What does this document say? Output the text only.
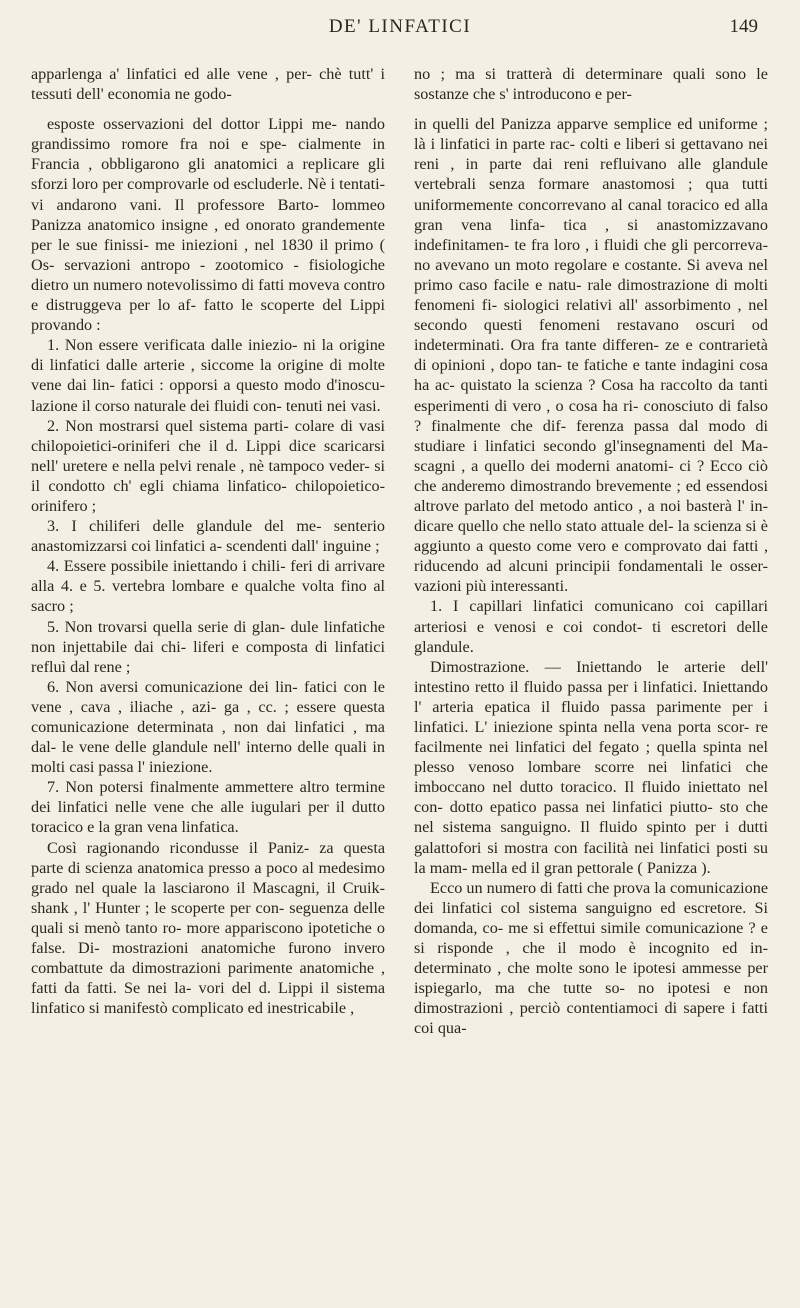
DE' LINFATICI	149

apparlenga a' linfatici ed alle vene , per- chè tutt' i tessuti dell' economia ne godo-

esposte osservazioni del dottor Lippi me- nando grandissimo romore fra noi e spe- cialmente in Francia , obbligarono gli anatomici a replicare gli sforzi loro per comprovarle od escluderle. Nè i tentati- vi andarono vani. Il professore Barto- lommeo Panizza anatomico insigne , ed onorato grandemente per le sue finissi- me iniezioni , nel 1830 il primo ( Os- servazioni antropo - zootomico - fisiologiche dietro un numero notevolissimo di fatti moveva contro e distruggeva per lo af- fatto le scoperte del Lippi provando :

1. Non essere verificata dalle iniezio- ni la origine di linfatici dalle arterie , siccome la origine di molte vene dai lin- fatici : opporsi a questo modo d'inoscu- lazione il corso naturale dei fluidi con- tenuti nei vasi.

2. Non mostrarsi quel sistema parti- colare di vasi chilopoietici-oriniferi che il d. Lippi dice scaricarsi nell' uretere e nella pelvi renale , nè tampoco veder- si il condotto ch' egli chiama linfatico- chilopoietico-orinifero ;

3. I chiliferi delle glandule del me- senterio anastomizzarsi coi linfatici a- scendenti dall' inguine ;

4. Essere possibile iniettando i chili- feri di arrivare alla 4. e 5. vertebra lombare e qualche volta fino al sacro ;

5. Non trovarsi quella serie di glan- dule linfatiche non injettabile dai chi- liferi e composta di linfatici refluì dal rene ;

6. Non aversi comunicazione dei lin- fatici con le vene , cava , iliache , azi- ga , cc. ; essere questa comunicazione determinata , non dai linfatici , ma dal- le vene delle glandule nell' interno delle quali in molti casi passa l' iniezione.

7. Non potersi finalmente ammettere altro termine dei linfatici nelle vene che alle iugulari per il dutto toracico e la gran vena linfatica.

Così ragionando ricondusse il Paniz- za questa parte di scienza anatomica presso a poco al medesimo grado nel quale la lasciarono il Mascagni, il Cruik- shank , l' Hunter ; le scoperte per con- seguenza delle quali si menò tanto ro- more appariscono ipotetiche o false. Di- mostrazioni anatomiche furono invero combattute da dimostrazioni parimente anatomiche , fatti da fatti. Se nei la- vori del d. Lippi il sistema linfatico si manifestò complicato ed inestricabile ,

no ; ma si tratterà di determinare quali sono le sostanze che s' introducono e per-

in quelli del Panizza apparve semplice ed uniforme ; là i linfatici in parte rac- colti e liberi si gettavano nei reni , in parte dai reni refluivano alle glandule vertebrali senza formare anastomosi ; qua tutti uniformemente concorrevano al canal toracico ed alla gran vena linfa- tica , si anastomizzavano indefinitamen- te fra loro , i fluidi che gli percorreva- no avevano un moto regolare e costante. Si aveva nel primo caso facile e natu- rale dimostrazione di molti fenomeni fi- siologici relativi all' assorbimento , nel secondo questi fenomeni restavano oscuri od indeterminati. Ora fra tante differen- ze e contrarietà di opinioni , dopo tan- te fatiche e tante indagini cosa ha ac- quistato la scienza ? Cosa ha raccolto da tanti esperimenti di vero , o cosa ha ri- conosciuto di falso ? finalmente che dif- ferenza passa dal modo di studiare i linfatici secondo gl'insegnamenti del Ma- scagni , a quello dei moderni anatomi- ci ? Ecco ciò che anderemo dimostrando brevemente ; ed essendosi altrove parlato del metodo antico , a noi basterà l' in- dicare quello che nello stato attuale del- la scienza si è aggiunto a questo come vero e comprovato dai fatti , riducendo ad alcuni principii fondamentali le osser- vazioni più interessanti.

1. I capillari linfatici comunicano coi capillari arteriosi e venosi e coi condot- ti escretori delle glandule.

Dimostrazione. — Iniettando le arterie dell' intestino retto il fluido passa per i linfatici. Iniettando l' arteria epatica il fluido passa parimente per i linfatici. L' iniezione spinta nella vena porta scor- re facilmente nei linfatici del fegato ; quella spinta nel plesso venoso lombare scorre nei linfatici che imboccano nel dutto toracico. Il fluido iniettato nel con- dotto epatico passa nei linfatici piutto- sto che nel sistema sanguigno. Il fluido spinto per i dutti galattofori si mostra con facilità nei linfatici posti su la mam- mella ed il gran pettorale ( Panizza ).

Ecco un numero di fatti che prova la comunicazione dei linfatici col sistema sanguigno ed escretore. Si domanda, co- me si effettui simile comunicazione ? e si risponde , che il modo è incognito ed in- determinato , che molte sono le ipotesi ammesse per ispiegarlo, ma che tutte so- no ipotesi e non dimostrazioni , perciò contentiamoci di sapere i fatti coi qua-
